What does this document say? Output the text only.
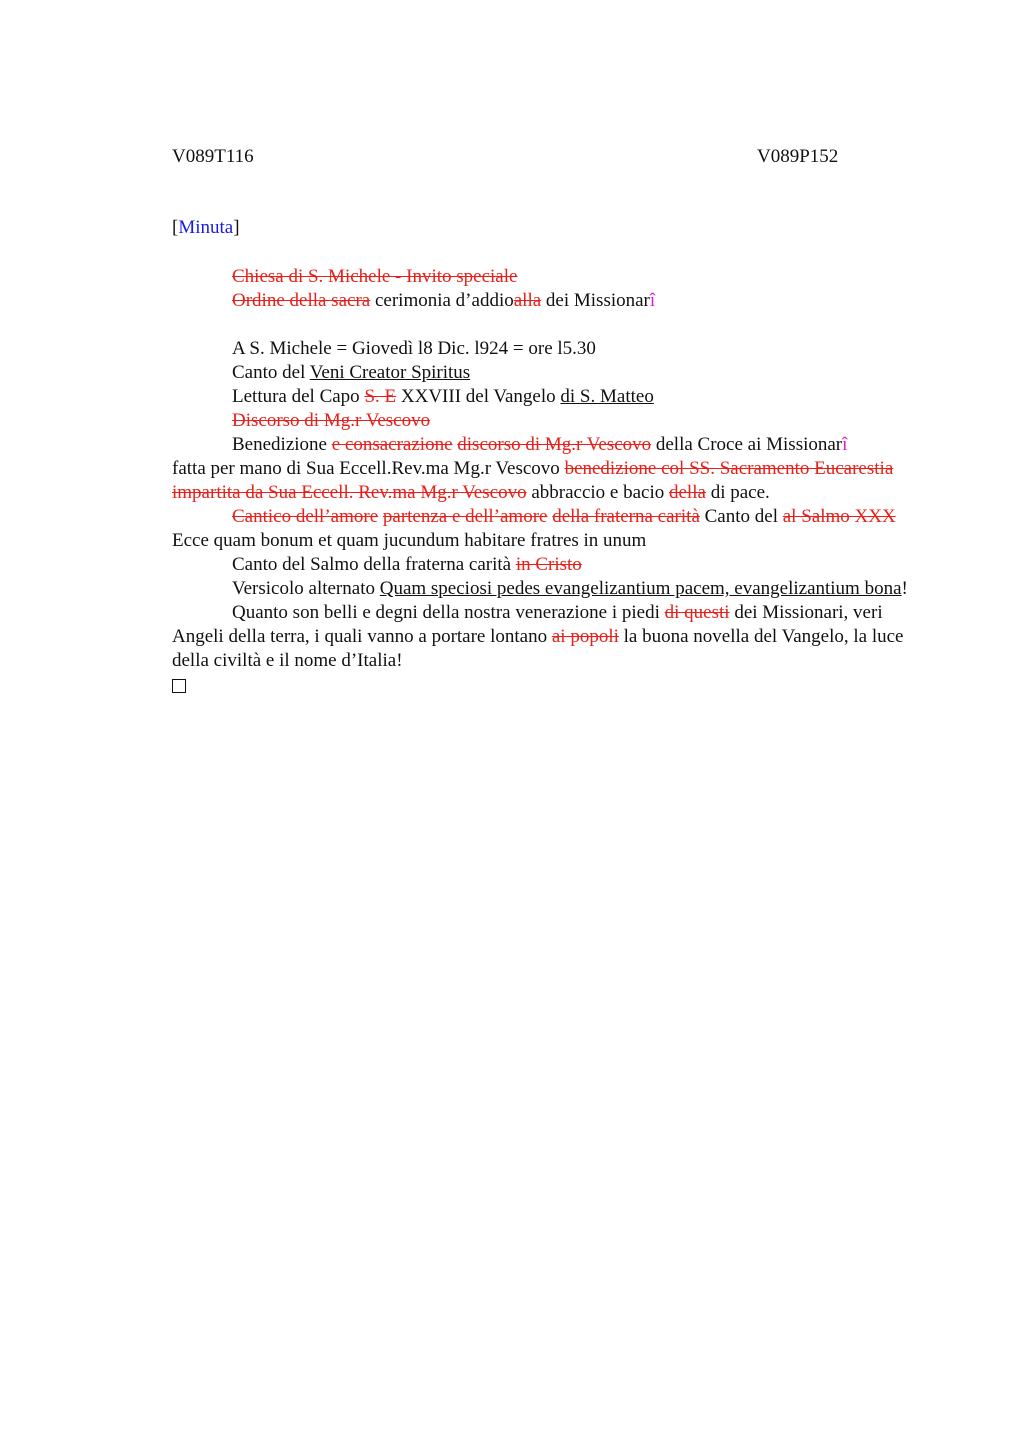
V089T116	V089P152
[Minuta]

Chiesa di S. Michele - Invito speciale

Ordine della sacra cerimonia d’addioalla dei Missionarî

A S. Michele = Giovedì l8 Dic. l924 = ore l5.30

Canto del Veni Creator Spiritus

Lettura del Capo S. E XXVIII del Vangelo di S. Matteo

Discorso di Mg.r Vescovo

Benedizione e consacrazione discorso di Mg.r Vescovo della Croce ai Missionarî
fatta per mano di Sua Eccell.Rev.ma Mg.r Vescovo benedizione col SS. Sacramento Eucarestia impartita da Sua Eccell. Rev.ma Mg.r Vescovo abbraccio e bacio della di pace.

Cantico dell’amore partenza e dell’amore della fraterna carità Canto del al Salmo XXX Ecce quam bonum et quam jucundum habitare fratres in unum

Canto del Salmo della fraterna carità in Cristo

Versicolo alternato Quam speciosi pedes evangelizantium pacem, evangelizantium bona!

Quanto son belli e degni della nostra venerazione i piedi di questi dei Missionari, veri Angeli della terra, i quali vanno a portare lontano ai popoli la buona novella del Vangelo, la luce della civiltà e il nome d’Italia!
